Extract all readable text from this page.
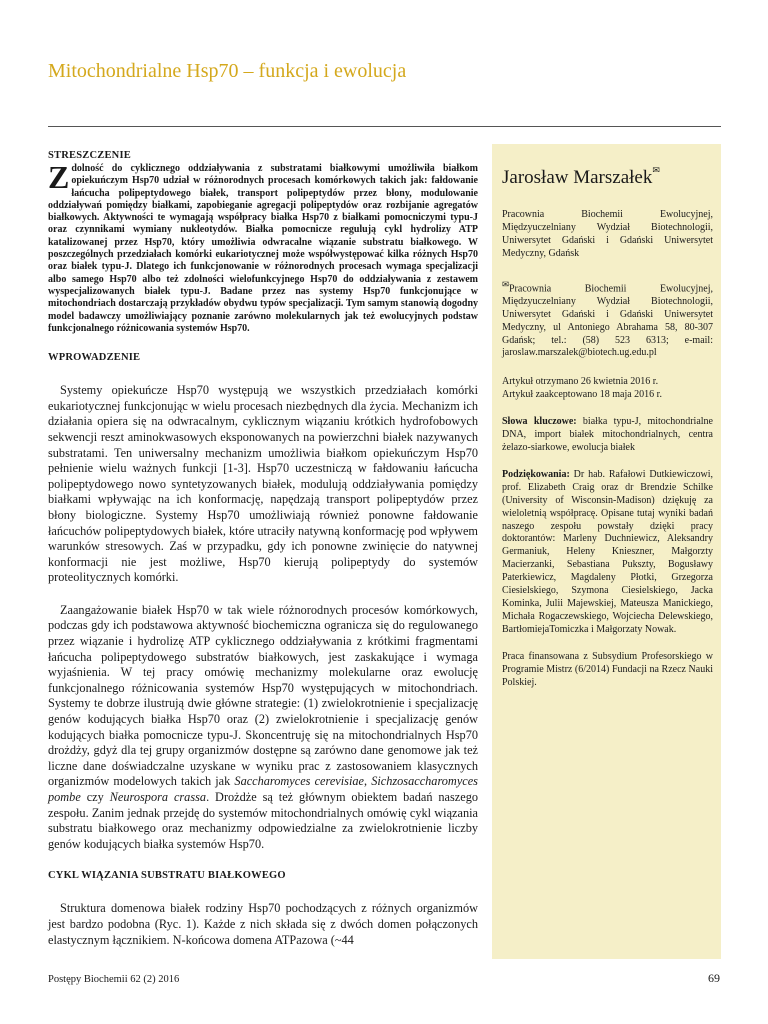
Mitochondrialne Hsp70 – funkcja i ewolucja
STRESZCZENIE
Zdolność do cyklicznego oddziaływania z substratami białkowymi umożliwiła białkom opiekuńczym Hsp70 udział w różnorodnych procesach komórkowych takich jak: fałdowanie łańcucha polipeptydowego białek, transport polipeptydów przez błony, modulowanie oddziaływań pomiędzy białkami, zapobieganie agregacji polipeptydów oraz rozbijanie agregatów białkowych. Aktywności te wymagają współpracy białka Hsp70 z białkami pomocniczymi typu-J oraz czynnikami wymiany nukleotydów. Białka pomocnicze regulują cykl hydrolizy ATP katalizowanej przez Hsp70, który umożliwia odwracalne wiązanie substratu białkowego. W poszczególnych przedziałach komórki eukariotycznej może współwystępować kilka różnych Hsp70 oraz białek typu-J. Dlatego ich funkcjonowanie w różnorodnych procesach wymaga specjalizacji albo samego Hsp70 albo też zdolności wielofunkcyjnego Hsp70 do oddziaływania z zestawem wyspecjalizowanych białek typu-J. Badane przez nas systemy Hsp70 funkcjonujące w mitochondriach dostarczają przykładów obydwu typów specjalizacji. Tym samym stanowią dogodny model badawczy umożliwiający poznanie zarówno molekularnych jak też ewolucyjnych podstaw funkcjonalnego różnicowania systemów Hsp70.
WPROWADZENIE

Systemy opiekuńcze Hsp70 występują we wszystkich przedziałach komórki eukariotycznej funkcjonując w wielu procesach niezbędnych dla życia. Mechanizm ich działania opiera się na odwracalnym, cyklicznym wiązaniu krótkich hydrofobowych sekwencji reszt aminokwasowych eksponowanych na powierzchni białek nazywanych substratami. Ten uniwersalny mechanizm umożliwia białkom opiekuńczym Hsp70 pełnienie wielu ważnych funkcji [1-3]. Hsp70 uczestniczą w fałdowaniu łańcucha polipeptydowego nowo syntetyzowanych białek, modulują oddziaływania pomiędzy białkami wpływając na ich konformację, napędzają transport polipeptydów przez błony biologiczne. Systemy Hsp70 umożliwiają również ponowne fałdowanie łańcuchów polipeptydowych białek, które utraciły natywną konformację pod wpływem warunków stresowych. Zaś w przypadku, gdy ich ponowne zwinięcie do natywnej konformacji nie jest możliwe, Hsp70 kierują polipeptydy do systemów proteolitycznych komórki.

Zaangażowanie białek Hsp70 w tak wiele różnorodnych procesów komórkowych, podczas gdy ich podstawowa aktywność biochemiczna ogranicza się do regulowanego przez wiązanie i hydrolizę ATP cyklicznego oddziaływania z krótkimi fragmentami łańcucha polipeptydowego substratów białkowych, jest zaskakujące i wymaga wyjaśnienia. W tej pracy omówię mechanizmy molekularne oraz ewolucję funkcjonalnego różnicowania systemów Hsp70 występujących w mitochondriach. Systemy te dobrze ilustrują dwie główne strategie: (1) zwielokrotnienie i specjalizację genów kodujących białka Hsp70 oraz (2) zwielokrotnienie i specjalizację genów kodujących białka pomocnicze typu-J. Skoncentruję się na mitochondrialnych Hsp70 drożdży, gdyż dla tej grupy organizmów dostępne są zarówno dane genomowe jak też liczne dane doświadczalne uzyskane w wyniku prac z zastosowaniem klasycznych organizmów modelowych takich jak Saccharomyces cerevisiae, Sichzosaccharomyces pombe czy Neurospora crassa. Drożdże są też głównym obiektem badań naszego zespołu. Zanim jednak przejdę do systemów mitochondrialnych omówię cykl wiązania substratu białkowego oraz mechanizmy odpowiedzialne za zwielokrotnienie liczby genów kodujących białka systemów Hsp70.

CYKL WIĄZANIA SUBSTRATU BIAŁKOWEGO

Struktura domenowa białek rodziny Hsp70 pochodzących z różnych organizmów jest bardzo podobna (Ryc. 1). Każde z nich składa się z dwóch domen połączonych elastycznym łącznikiem. N-końcowa domena ATPazowa (~44

Jarosław Marszałek✉

Pracownia Biochemii Ewolucyjnej, Międzyuczelniany Wydział Biotechnologii, Uniwersytet Gdański i Gdański Uniwersytet Medyczny, Gdańsk

✉Pracownia Biochemii Ewolucyjnej, Międzyuczelniany Wydział Biotechnologii, Uniwersytet Gdański i Gdański Uniwersytet Medyczny, ul Antoniego Abrahama 58, 80-307 Gdańsk; tel.: (58) 523 6313; e-mail: jaroslaw.marszalek@biotech.ug.edu.pl

Artykuł otrzymano 26 kwietnia 2016 r.

Artykuł zaakceptowano 18 maja 2016 r.

Słowa kluczowe: białka typu-J, mitochondrialne DNA, import białek mitochondrialnych, centra żelazo-siarkowe, ewolucja białek

Podziękowania: Dr hab. Rafałowi Dutkiewiczowi, prof. Elizabeth Craig oraz dr Brendzie Schilke (University of Wisconsin-Madison) dziękuję za wieloletnią współpracę. Opisane tutaj wyniki badań naszego zespołu powstały dzięki pracy doktorantów: Marleny Duchniewicz, Aleksandry Germaniuk, Heleny Knieszner, Małgorzty Macierzanki, Sebastiana Pukszty, Bogusławy Paterkiewicz, Magdaleny Płotki, Grzegorza Ciesielskiego, Szymona Ciesielskiego, Jacka Kominka, Julii Majewskiej, Mateusza Manickiego, Michała Rogaczewskiego, Wojciecha Delewskiego, BartłomiejaTomiczka i Małgorzaty Nowak.

Praca finansowana z Subsydium Profesorskiego w Programie Mistrz (6/2014) Fundacji na Rzecz Nauki Polskiej.

Postępy Biochemii 62 (2) 2016	69
